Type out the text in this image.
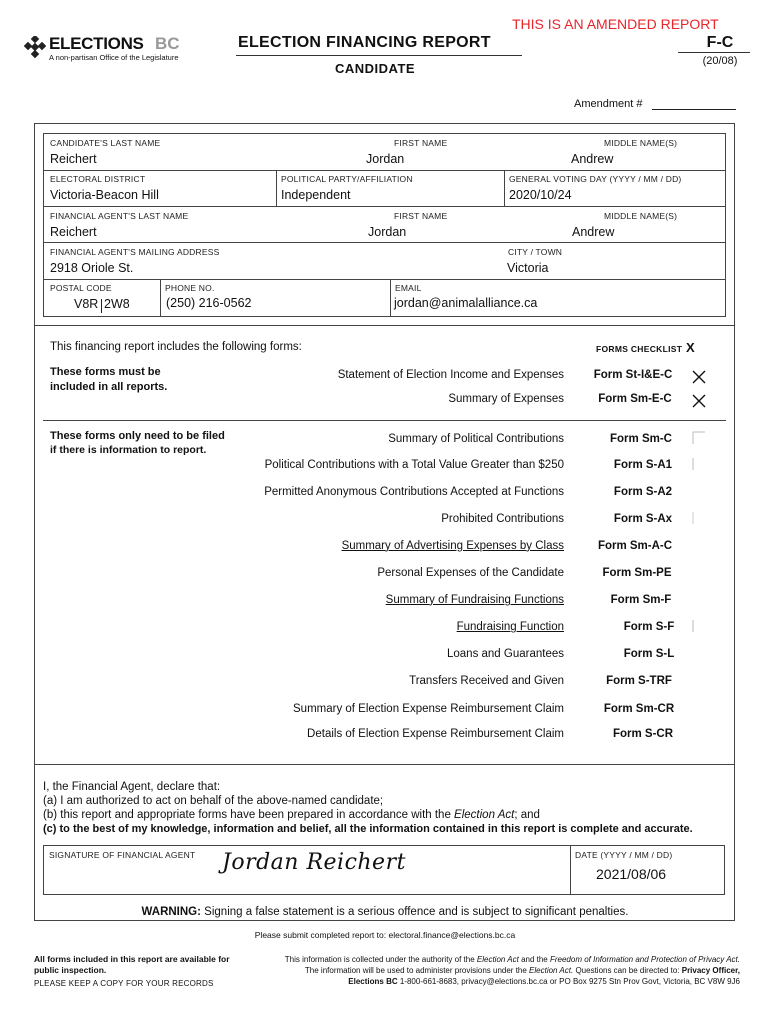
THIS IS AN AMENDED REPORT
ELECTIONS BC
A non-partisan Office of the Legislature
ELECTION FINANCING REPORT
CANDIDATE
F-C
(20/08)
Amendment #
CANDIDATE'S LAST NAME	FIRST NAME	MIDDLE NAME(S)
Reichert	Jordan	Andrew
ELECTORAL DISTRICT	POLITICAL PARTY/AFFILIATION	GENERAL VOTING DAY (YYYY / MM / DD)
Victoria-Beacon Hill	Independent	2020/10/24
FINANCIAL AGENT'S LAST NAME	FIRST NAME	MIDDLE NAME(S)
Reichert	Jordan	Andrew
FINANCIAL AGENT'S MAILING ADDRESS	CITY / TOWN
2918 Oriole St.	Victoria
POSTAL CODE	PHONE NO.	EMAIL
V8R 2W8	(250) 216-0562	jordan@animalalliance.ca
This financing report includes the following forms:	FORMS CHECKLIST X
These forms must be included in all reports.
These forms only need to be filed
if there is information to report.
Statement of Election Income and Expenses	Form St-I&E-C
Summary of Expenses	Form Sm-E-C
Summary of Political Contributions	Form Sm-C
Political Contributions with a Total Value Greater than $250	Form S-A1
Permitted Anonymous Contributions Accepted at Functions	Form S-A2
Prohibited Contributions	Form S-Ax
Summary of Advertising Expenses by Class	Form Sm-A-C
Personal Expenses of the Candidate	Form Sm-PE
Summary of Fundraising Functions	Form Sm-F
Fundraising Function	Form S-F
Loans and Guarantees	Form S-L
Transfers Received and Given	Form S-TRF
Summary of Election Expense Reimbursement Claim	Form Sm-CR
Details of Election Expense Reimbursement Claim	Form S-CR
I, the Financial Agent, declare that:
(a) I am authorized to act on behalf of the above-named candidate;
(b) this report and appropriate forms have been prepared in accordance with the Election Act; and
(c) to the best of my knowledge, information and belief, all the information contained in this report is complete and accurate.
SIGNATURE OF FINANCIAL AGENT Jordan Reichert	DATE (YYYY / MM / DD)
2021/08/06
WARNING: Signing a false statement is a serious offence and is subject to significant penalties.
Please submit completed report to: electoral.finance@elections.bc.ca
All forms included in this report are available for public inspection.
PLEASE KEEP A COPY FOR YOUR RECORDS
This information is collected under the authority of the Election Act and the Freedom of Information and Protection of Privacy Act.
The information will be used to administer provisions under the Election Act. Questions can be directed to: Privacy Officer,
Elections BC 1-800-661-8683, privacy@elections.bc.ca or PO Box 9275 Stn Prov Govt, Victoria, BC V8W 9J6
